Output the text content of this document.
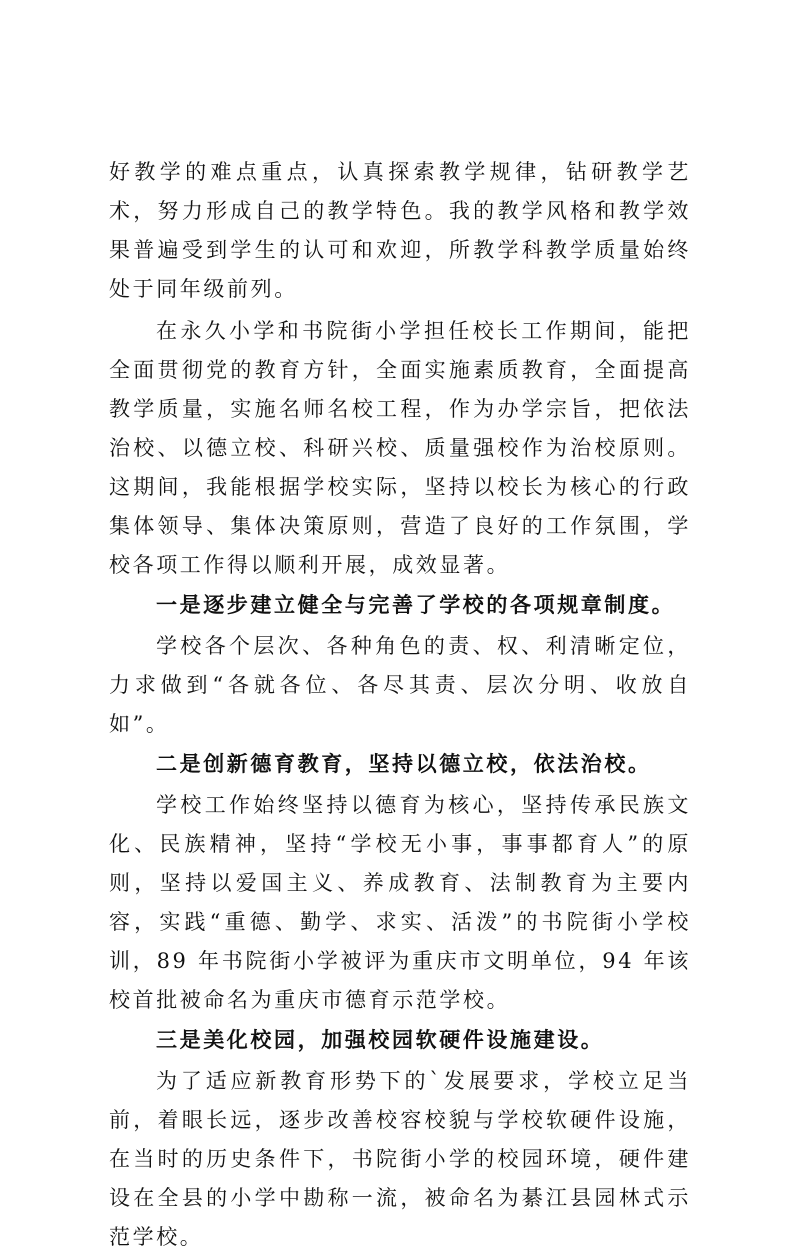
好教学的难点重点，认真探索教学规律，钻研教学艺术，努力形成自己的教学特色。我的教学风格和教学效果普遍受到学生的认可和欢迎，所教学科教学质量始终处于同年级前列。

在永久小学和书院街小学担任校长工作期间，能把全面贯彻党的教育方针，全面实施素质教育，全面提高教学质量，实施名师名校工程，作为办学宗旨，把依法治校、以德立校、科研兴校、质量强校作为治校原则。这期间，我能根据学校实际，坚持以校长为核心的行政集体领导、集体决策原则，营造了良好的工作氛围，学校各项工作得以顺利开展，成效显著。

一是逐步建立健全与完善了学校的各项规章制度。

学校各个层次、各种角色的责、权、利清晰定位，力求做到“各就各位、各尽其责、层次分明、收放自如”。

二是创新德育教育，坚持以德立校，依法治校。

学校工作始终坚持以德育为核心，坚持传承民族文化、民族精神，坚持“学校无小事，事事都育人”的原则，坚持以爱国主义、养成教育、法制教育为主要内容，实践“重德、勤学、求实、活泼”的书院街小学校训，89 年书院街小学被评为重庆市文明单位，94 年该校首批被命名为重庆市德育示范学校。

三是美化校园，加强校园软硬件设施建设。

为了适应新教育形势下的`发展要求，学校立足当前，着眼长远，逐步改善校容校貌与学校软硬件设施，在当时的历史条件下，书院街小学的校园环境，硬件建设在全县的小学中勘称一流，被命名为綦江县园林式示范学校。
